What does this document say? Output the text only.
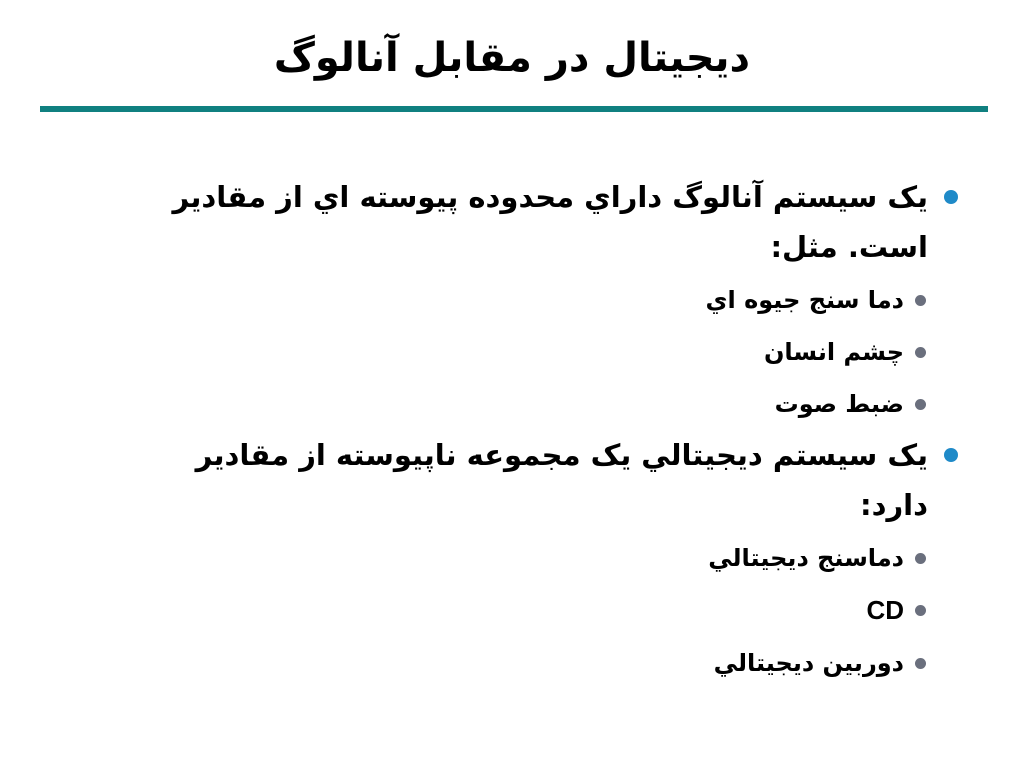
ديجيتال در مقابل آنالوگ
يک سيستم آنالوگ داراي محدوده پيوسته اي از مقادير است. مثل:
دما سنج جيوه اي
چشم انسان
ضبط صوت
يک سيستم ديجيتالي يک مجموعه ناپيوسته از مقادير دارد:
دماسنج ديجيتالي
CD
دوربين ديجيتالي
